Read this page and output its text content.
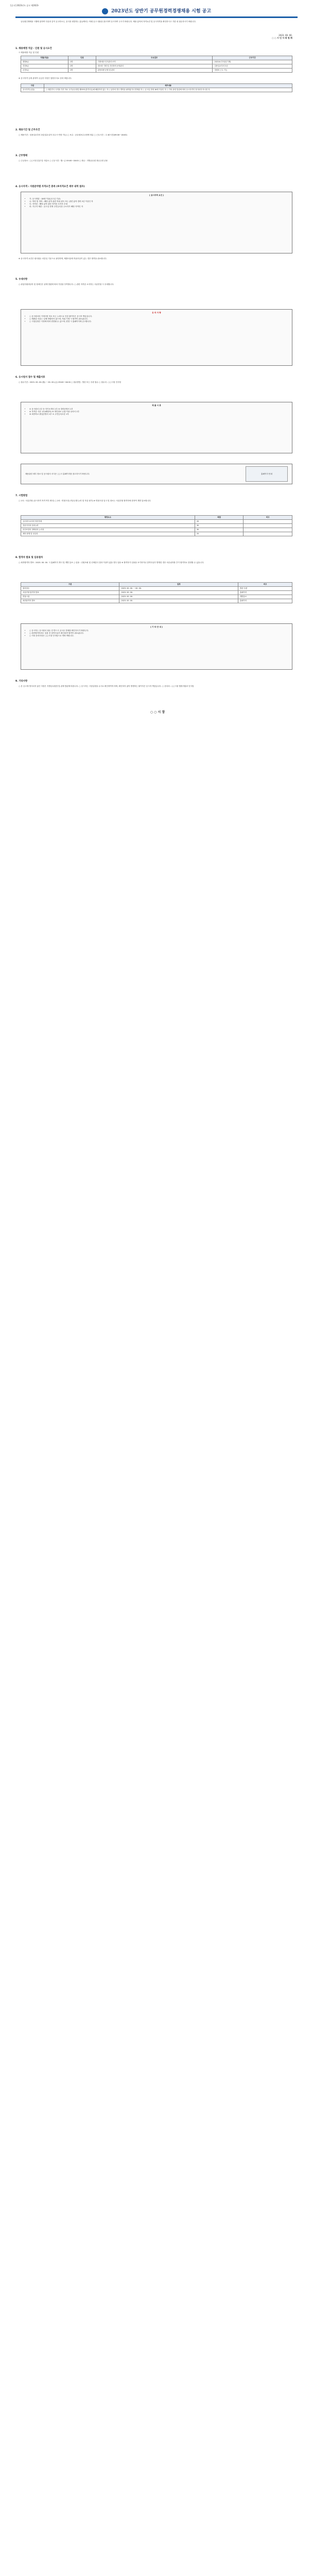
[공고] 2023년도 공고 제2023-
2023년도 상반기 공무원경력경쟁채용 시험 공고
공무원인재채용 시행에 관하여 다음과 같이 공고하오니, 응시를 희망하는 분들께서는 아래 공고 내용을 참고하여 응시하여 주시기 바랍니다. 채용 분야의 자격요건 및 응시자격을 확인하시고 기한 내 접수하시기 바랍니다.
2023. 00. 00.
○ ○ 시 인 사 위 원 회
1. 채용예정 직급 · 인원 및 응시요건
❍ 채용예정 직급 및 인원
직렬(직급)	인원	주요업무	근무기간
행정8급	1명	기획예산·인사관리·조직	2023.6.부터(임기제)
전산8급	1명	정보화 기획 및 전산장비 운영관리	임용일로부터 2년
운전9급	1명	관용차량 운행 및 관리	정원외 근무 가능
※ 응시자격 등에 관하여 궁금한 사항은 담당부서로 문의 바랍니다.
구분	세부내용
응시자격 (공통)	○ 대한민국 국적을 가진 자로 국가공무원법 제33조(결격사유)에 해당하지 않는 자 ○ 남자의 경우 병역을 필하였거나 면제된 자 ○ 공고일 현재 18세 이상인 자 ○ 기타 관련 법령에 따라 응시자격이 정지되지 아니한 자
2. 채용기간 및 근무조건
○ 채용기간 : 임용일로부터 2년(업무실적 우수시 연장 가능) ○ 보수 : 공무원보수규정에 따름 ○ 근무시간 : 주 40시간(09:00~18:00)
3. 근무형태
○ 근무장소 : ○○시청 본관 및 사업소 ○ 근무시간 : 월~금 09:00~18:00 ○ 복무 : 지방공무원 복무규정 준용
4. 응시자격 : 지원분야별 자격요건 충족 (※자격요건 세부 내역 참조)
[ 응시자격 요건 ]
• 가. 응시연령 : 18세 이상(공고일 기준)
• 나. 학력 및 경력 : 해당 분야 관련 학위 취득 또는 관련 분야 경력 2년 이상인 자
• 다. 자격증 : 해당 분야 관련 자격증 소지자 우대
• 라. 거주지 제한 : 공고일 현재 주민등록상 주소지가 해당 지역인 자
※ 응시자격 요건은 원서접수 마감일 기준으로 판단하며, 제출서류에 허위사실이 있는 경우 합격을 취소합니다.
5. 우대사항
○ 취업지원대상자 및 장애인은 관계 법령에 따라 가점을 부여합니다. ○ 관련 자격증 소지자는 서류전형 시 우대합니다.
유 의 사 항
• ○ 응시원서의 기재사항 착오 또는 누락으로 인한 불이익은 응시자 책임입니다.
• ○ 제출된 서류는 일체 반환하지 않으며, 허위 기재 시 합격이 취소됩니다.
• ○ 시험일정은 사정에 따라 변경될 수 있으며, 변경 시 홈페이지에 공고합니다.
6. 응시원서 접수 및 제출서류
○ 접수기간 : 2023. 00. 00.(월) ~ 00. 00.(금) 09:00~18:00 ○ 접수방법 : 방문 또는 우편 접수 ○ 접수처 : ○○시청 인사팀
제 출 서 류
• ① 응시원서 1부 ② 자기소개서 1부 ③ 경력증명서 1부
• ④ 자격증 사본 1부(해당자) ⑤ 개인정보 수집·이용 동의서 1부
• ⑥ 최종학교 졸업증명서 1부 ⑦ 주민등록초본 1부
채용관련 세부 정보 및 응시원서 서식은 ○○시 홈페이지를 참고하시기 바랍니다.	홈페이지 안내
7. 시험방법
○ 1차 : 서류전형 (응시자격 적격 여부 확인) ○ 2차 : 면접시험 (직무수행 능력 및 자질 평가) ※ 면접시험 일시 및 장소는 서류전형 합격자에 한하여 개별 통보합니다.
평정요소	배점	비고
공무원으로서의 정신자세	20	
전문지식과 응용능력	30	
의사표현의 정확성과 논리성	30	
예의·품행 및 성실성	20	
8. 합격자 발표 및 임용절차
○ 최종합격자 발표 : 2023. 00. 00. 시 홈페이지 게시 및 개별 통보 ○ 임용 : 신원조회 및 신체검사 결과 이상이 없을 경우 임용 ※ 합격자가 임용을 포기하거나 결격사유가 발생한 경우 차순위자를 추가 합격자로 결정할 수 있습니다.
구분	일정	비고
원서접수	2023. 00. 00. ~ 00. 00.	방문·우편
서류전형 합격자 발표	2023. 00. 00.	홈페이지
면접시험	2023. 00. 00.	개별통보
최종합격자 발표	2023. 00. 00.	홈페이지
[ 기 타 안 내 ]
• ○ 응시자는 응시원서 접수 전 반드시 공고문 전체를 확인하시기 바랍니다.
• ○ 최종합격자라도 임용 전 결격사유가 확인되면 합격이 취소됩니다.
• ○ 기타 문의사항은 ○○시청 인사팀으로 연락 바랍니다.
9. 기타사항
○ 본 공고에 명시되지 않은 사항은 지방공무원법 및 관계 법령에 따릅니다. ○ 응시자는 시험일정을 수시로 확인하여야 하며, 확인하지 않아 발생하는 불이익은 응시자 책임입니다. ○ 문의처 : ○○시청 행정지원과 인사팀
○ ○ 시 장
